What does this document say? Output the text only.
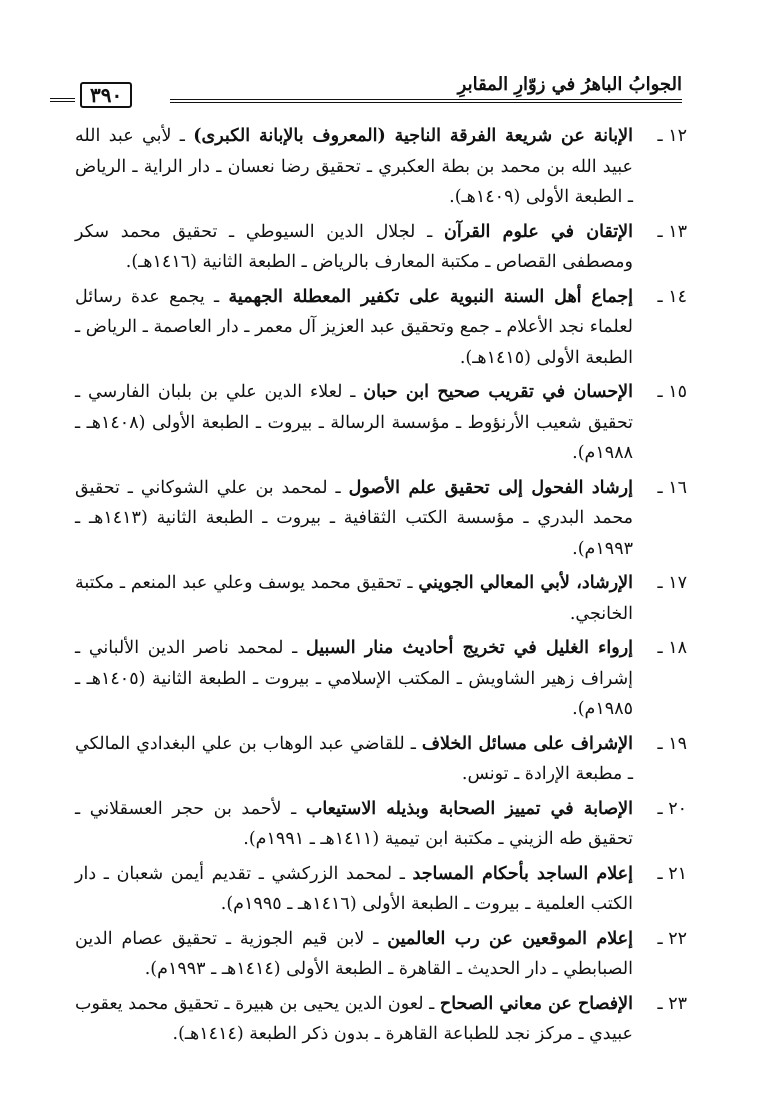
الجوابُ الباهرُ في زوّارِ المقابرِ
٣٩٠
١٢ ـ
الإبانة عن شريعة الفرقة الناجية (المعروف بالإبانة الكبرى) ـ لأبي عبد الله عبيد الله بن محمد بن بطة العكبري ـ تحقيق رضا نعسان ـ دار الراية ـ الرياض ـ الطبعة الأولى (١٤٠٩هـ).
١٣ ـ
الإتقان في علوم القرآن ـ لجلال الدين السيوطي ـ تحقيق محمد سكر ومصطفى القصاص ـ مكتبة المعارف بالرياض ـ الطبعة الثانية (١٤١٦هـ).
١٤ ـ
إجماع أهل السنة النبوية على تكفير المعطلة الجهمية ـ يجمع عدة رسائل لعلماء نجد الأعلام ـ جمع وتحقيق عبد العزيز آل معمر ـ دار العاصمة ـ الرياض ـ الطبعة الأولى (١٤١٥هـ).
١٥ ـ
الإحسان في تقريب صحيح ابن حبان ـ لعلاء الدين علي بن بلبان الفارسي ـ تحقيق شعيب الأرنؤوط ـ مؤسسة الرسالة ـ بيروت ـ الطبعة الأولى (١٤٠٨هـ ـ ١٩٨٨م).
١٦ ـ
إرشاد الفحول إلى تحقيق علم الأصول ـ لمحمد بن علي الشوكاني ـ تحقيق محمد البدري ـ مؤسسة الكتب الثقافية ـ بيروت ـ الطبعة الثانية (١٤١٣هـ ـ ١٩٩٣م).
١٧ ـ
الإرشاد، لأبي المعالي الجويني ـ تحقيق محمد يوسف وعلي عبد المنعم ـ مكتبة الخانجي.
١٨ ـ
إرواء الغليل في تخريج أحاديث منار السبيل ـ لمحمد ناصر الدين الألباني ـ إشراف زهير الشاويش ـ المكتب الإسلامي ـ بيروت ـ الطبعة الثانية (١٤٠٥هـ ـ ١٩٨٥م).
١٩ ـ
الإشراف على مسائل الخلاف ـ للقاضي عبد الوهاب بن علي البغدادي المالكي ـ مطبعة الإرادة ـ تونس.
٢٠ ـ
الإصابة في تمييز الصحابة وبذيله الاستيعاب ـ لأحمد بن حجر العسقلاني ـ تحقيق طه الزيني ـ مكتبة ابن تيمية (١٤١١هـ ـ ١٩٩١م).
٢١ ـ
إعلام الساجد بأحكام المساجد ـ لمحمد الزركشي ـ تقديم أيمن شعبان ـ دار الكتب العلمية ـ بيروت ـ الطبعة الأولى (١٤١٦هـ ـ ١٩٩٥م).
٢٢ ـ
إعلام الموقعين عن رب العالمين ـ لابن قيم الجوزية ـ تحقيق عصام الدين الصبابطي ـ دار الحديث ـ القاهرة ـ الطبعة الأولى (١٤١٤هـ ـ ١٩٩٣م).
٢٣ ـ
الإفصاح عن معاني الصحاح ـ لعون الدين يحيى بن هبيرة ـ تحقيق محمد يعقوب عبيدي ـ مركز نجد للطباعة القاهرة ـ بدون ذكر الطبعة (١٤١٤هـ).
